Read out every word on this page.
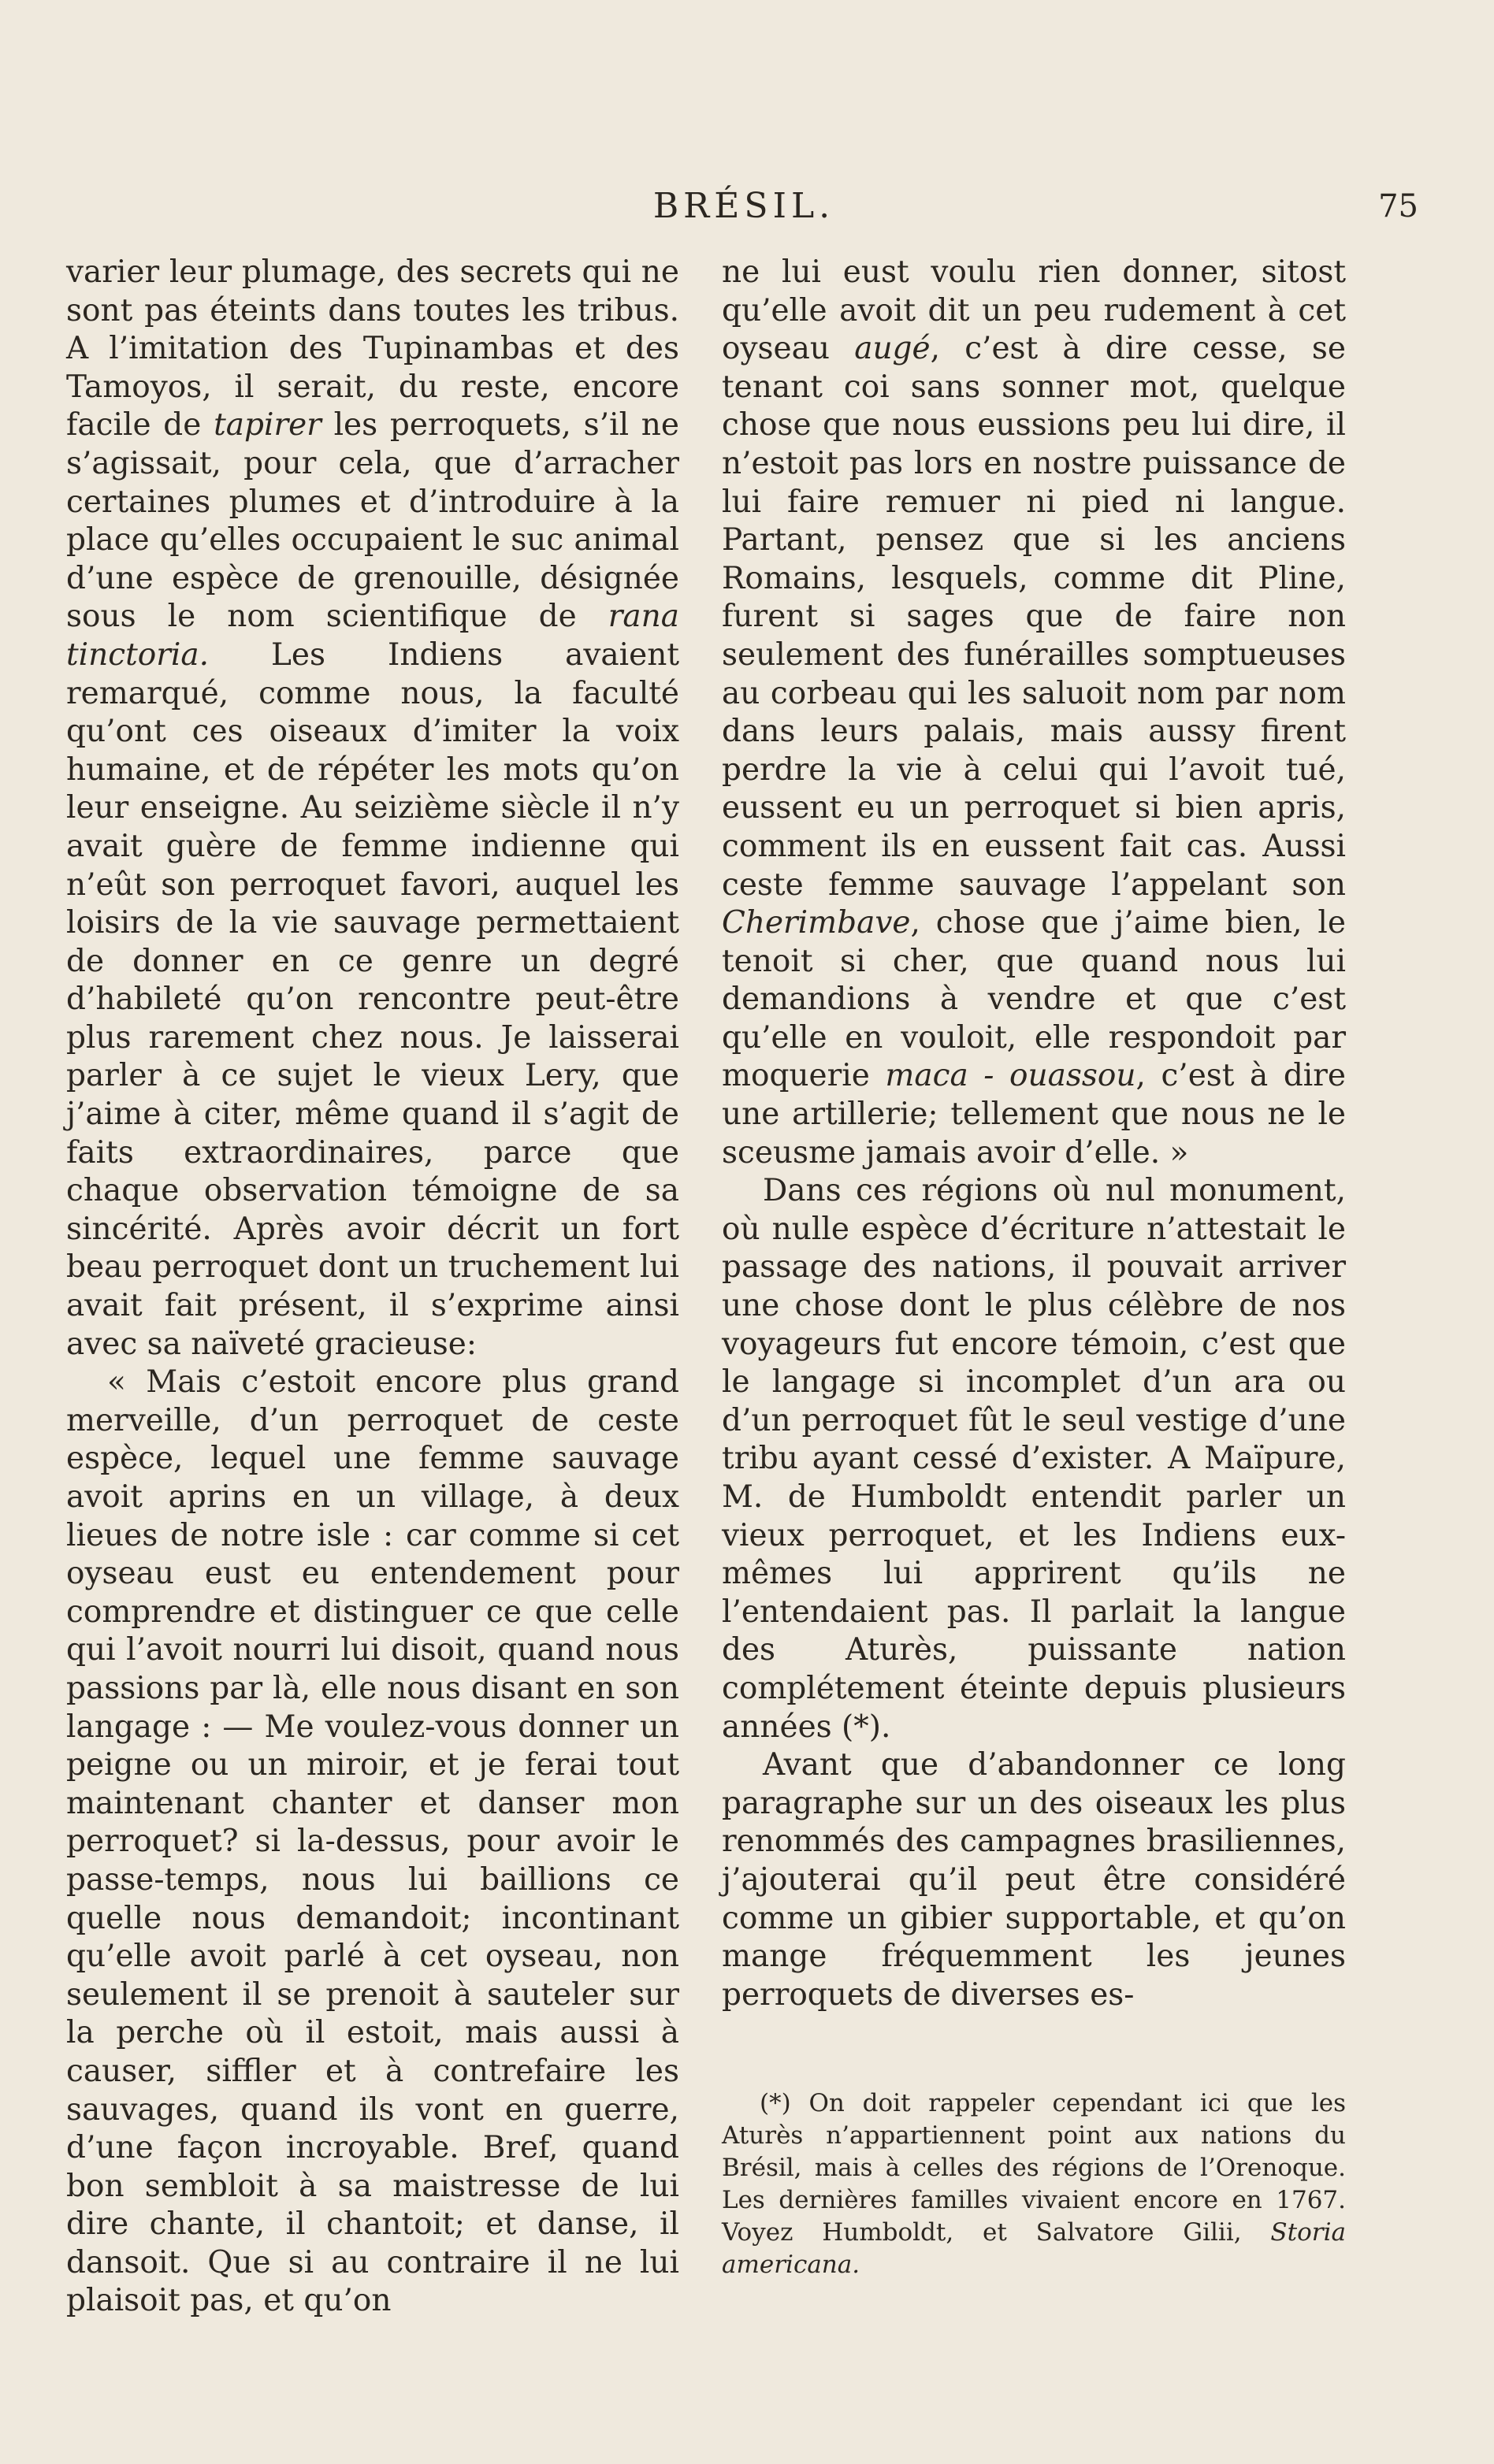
BRÉSIL.	75

varier leur plumage, des secrets qui ne sont pas éteints dans toutes les tribus. A l’imitation des Tupinambas et des Tamoyos, il serait, du reste, encore facile de tapirer les perroquets, s’il ne s’agissait, pour cela, que d’arracher certaines plumes et d’introduire à la place qu’elles occupaient le suc animal d’une espèce de grenouille, désignée sous le nom scientifique de rana tinctoria. Les Indiens avaient remarqué, comme nous, la faculté qu’ont ces oiseaux d’imiter la voix humaine, et de répéter les mots qu’on leur enseigne. Au seizième siècle il n’y avait guère de femme indienne qui n’eût son perroquet favori, auquel les loisirs de la vie sauvage permettaient de donner en ce genre un degré d’habileté qu’on rencontre peut-être plus rarement chez nous. Je laisserai parler à ce sujet le vieux Lery, que j’aime à citer, même quand il s’agit de faits extraordinaires, parce que chaque observation témoigne de sa sincérité. Après avoir décrit un fort beau perroquet dont un truchement lui avait fait présent, il s’exprime ainsi avec sa naïveté gracieuse:

« Mais c’estoit encore plus grand merveille, d’un perroquet de ceste espèce, lequel une femme sauvage avoit aprins en un village, à deux lieues de notre isle : car comme si cet oyseau eust eu entendement pour comprendre et distinguer ce que celle qui l’avoit nourri lui disoit, quand nous passions par là, elle nous disant en son langage : — Me voulez-vous donner un peigne ou un miroir, et je ferai tout maintenant chanter et danser mon perroquet? si la-dessus, pour avoir le passe-temps, nous lui baillions ce quelle nous demandoit; incontinant qu’elle avoit parlé à cet oyseau, non seulement il se prenoit à sauteler sur la perche où il estoit, mais aussi à causer, siffler et à contrefaire les sauvages, quand ils vont en guerre, d’une façon incroyable. Bref, quand bon sembloit à sa maistresse de lui dire chante, il chantoit; et danse, il dansoit. Que si au contraire il ne lui plaisoit pas, et qu’on

ne lui eust voulu rien donner, sitost qu’elle avoit dit un peu rudement à cet oyseau augé, c’est à dire cesse, se tenant coi sans sonner mot, quelque chose que nous eussions peu lui dire, il n’estoit pas lors en nostre puissance de lui faire remuer ni pied ni langue. Partant, pensez que si les anciens Romains, lesquels, comme dit Pline, furent si sages que de faire non seulement des funérailles somptueuses au corbeau qui les saluoit nom par nom dans leurs palais, mais aussy firent perdre la vie à celui qui l’avoit tué, eussent eu un perroquet si bien apris, comment ils en eussent fait cas. Aussi ceste femme sauvage l’appelant son Cherimbave, chose que j’aime bien, le tenoit si cher, que quand nous lui demandions à vendre et que c’est qu’elle en vouloit, elle respondoit par moquerie maca - ouassou, c’est à dire une artillerie; tellement que nous ne le sceusme jamais avoir d’elle. »

Dans ces régions où nul monument, où nulle espèce d’écriture n’attestait le passage des nations, il pouvait arriver une chose dont le plus célèbre de nos voyageurs fut encore témoin, c’est que le langage si incomplet d’un ara ou d’un perroquet fût le seul vestige d’une tribu ayant cessé d’exister. A Maïpure, M. de Humboldt entendit parler un vieux perroquet, et les Indiens eux-mêmes lui apprirent qu’ils ne l’entendaient pas. Il parlait la langue des Aturès, puissante nation complétement éteinte depuis plusieurs années (*).

Avant que d’abandonner ce long paragraphe sur un des oiseaux les plus renommés des campagnes brasiliennes, j’ajouterai qu’il peut être considéré comme un gibier supportable, et qu’on mange fréquemment les jeunes perroquets de diverses es-

(*) On doit rappeler cependant ici que les Aturès n’appartiennent point aux nations du Brésil, mais à celles des régions de l’Orenoque. Les dernières familles vivaient encore en 1767. Voyez Humboldt, et Salvatore Gilii, Storia americana.
